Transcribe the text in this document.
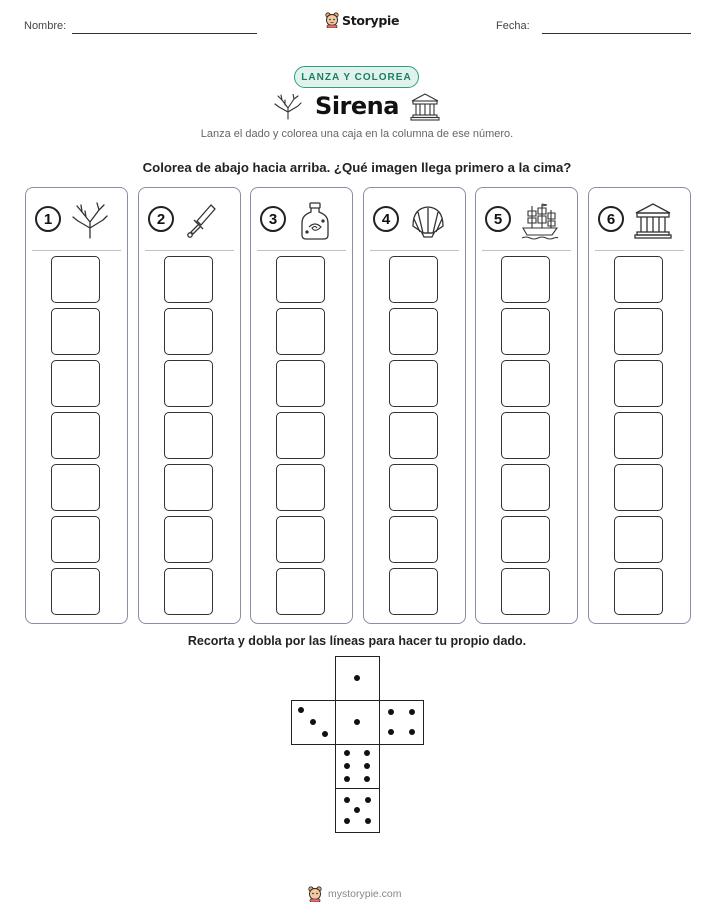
Nombre:	Storypie	Fecha:
LANZA Y COLOREA
Sirena
Lanza el dado y colorea una caja en la columna de ese número.
Colorea de abajo hacia arriba. ¿Qué imagen llega primero a la cima?
1	2	3	4	5	6
Recorta y dobla por las líneas para hacer tu propio dado.
mystorypie.com
